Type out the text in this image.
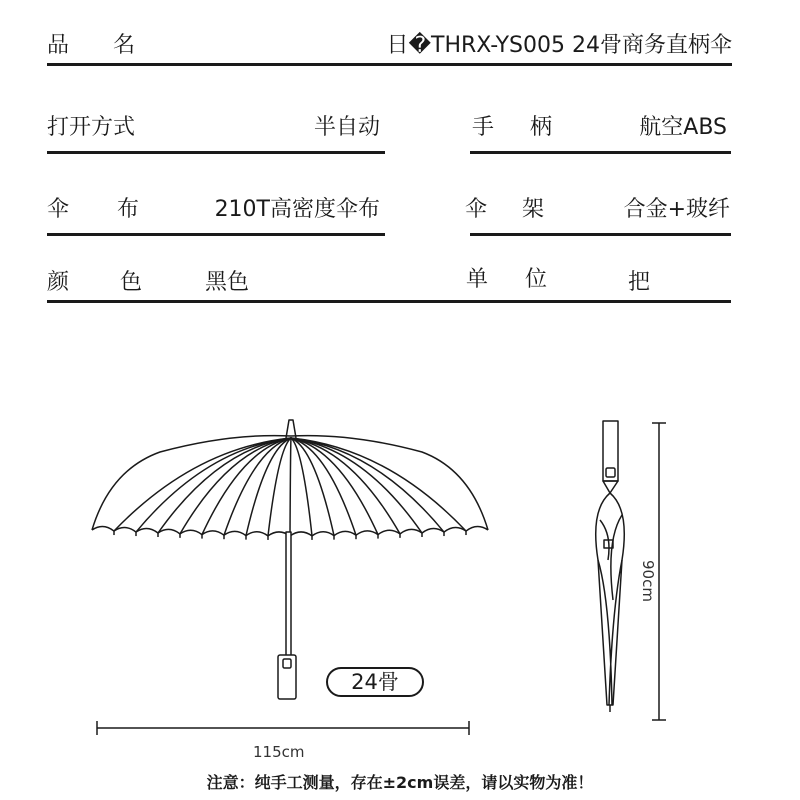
品　　名	日�THRX-YS005 24骨商务直柄伞
打开方式	半自动	手 柄	航空ABS
伞 布	210T高密度伞布	伞 架	合金+玻纤
颜 色	黑色	单 位	把
24骨
115cm
90cm
注意：纯手工测量，存在±2cm误差，请以实物为准！
